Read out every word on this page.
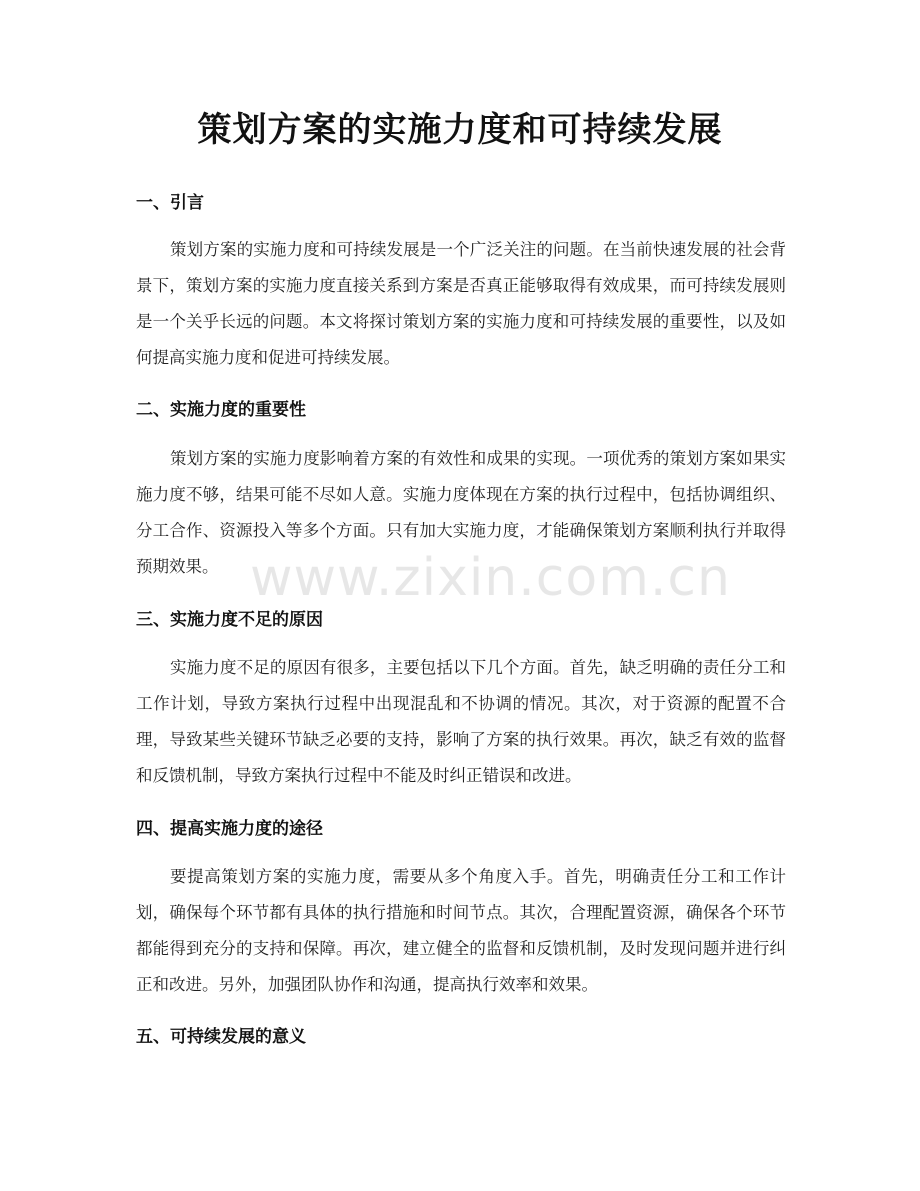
策划方案的实施力度和可持续发展
一、引言

策划方案的实施力度和可持续发展是一个广泛关注的问题。在当前快速发展的社会背景下，策划方案的实施力度直接关系到方案是否真正能够取得有效成果，而可持续发展则是一个关乎长远的问题。本文将探讨策划方案的实施力度和可持续发展的重要性，以及如何提高实施力度和促进可持续发展。

二、实施力度的重要性

策划方案的实施力度影响着方案的有效性和成果的实现。一项优秀的策划方案如果实施力度不够，结果可能不尽如人意。实施力度体现在方案的执行过程中，包括协调组织、分工合作、资源投入等多个方面。只有加大实施力度，才能确保策划方案顺利执行并取得预期效果。

三、实施力度不足的原因

实施力度不足的原因有很多，主要包括以下几个方面。首先，缺乏明确的责任分工和工作计划，导致方案执行过程中出现混乱和不协调的情况。其次，对于资源的配置不合理，导致某些关键环节缺乏必要的支持，影响了方案的执行效果。再次，缺乏有效的监督和反馈机制，导致方案执行过程中不能及时纠正错误和改进。

四、提高实施力度的途径

要提高策划方案的实施力度，需要从多个角度入手。首先，明确责任分工和工作计划，确保每个环节都有具体的执行措施和时间节点。其次，合理配置资源，确保各个环节都能得到充分的支持和保障。再次，建立健全的监督和反馈机制，及时发现问题并进行纠正和改进。另外，加强团队协作和沟通，提高执行效率和效果。

五、可持续发展的意义
www.zixin.com.cn
